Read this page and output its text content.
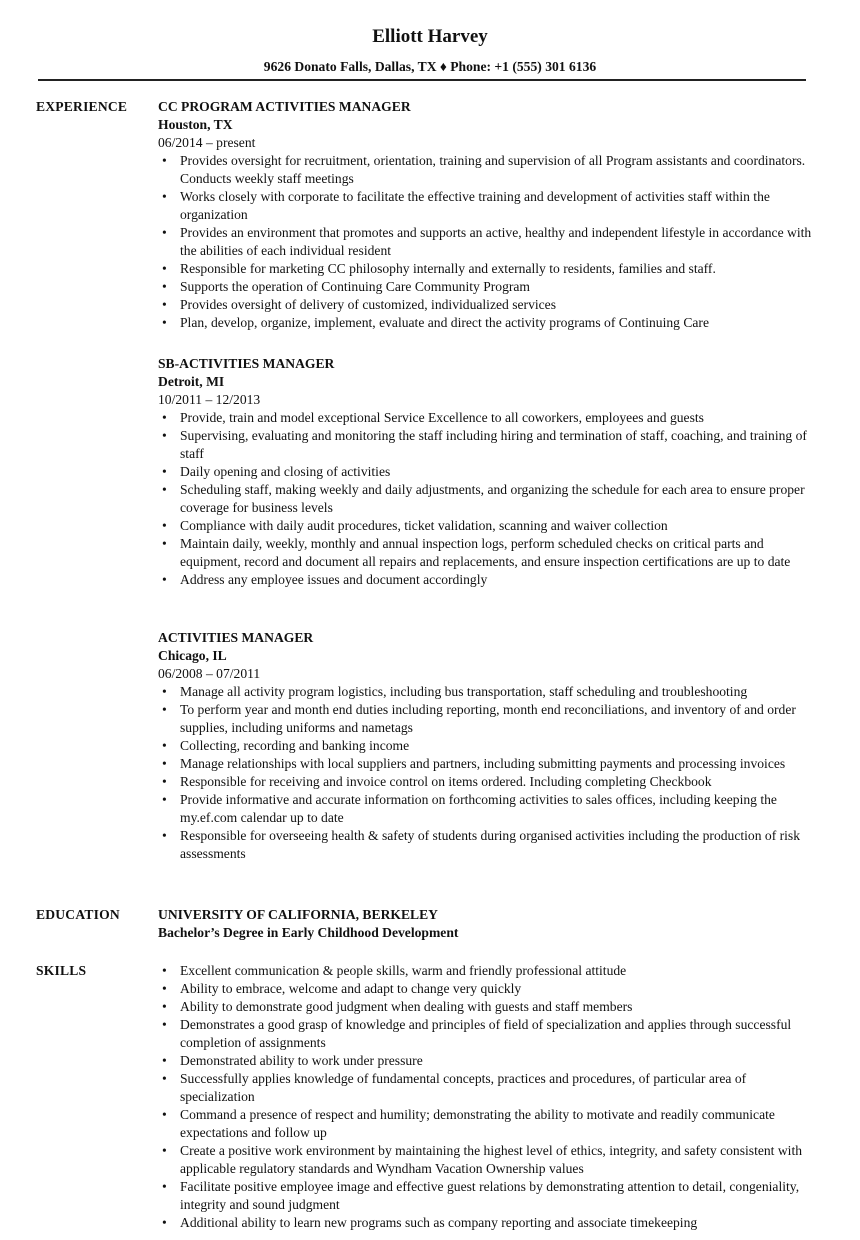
Elliott Harvey
9626 Donato Falls, Dallas, TX ♦ Phone: +1 (555) 301 6136
EXPERIENCE CC PROGRAM ACTIVITIES MANAGER
Houston, TX
06/2014 – present
• Provides oversight for recruitment, orientation, training and supervision of all Program assistants and coordinators. Conducts weekly staff meetings
• Works closely with corporate to facilitate the effective training and development of activities staff within the organization
• Provides an environment that promotes and supports an active, healthy and independent lifestyle in accordance with the abilities of each individual resident
• Responsible for marketing CC philosophy internally and externally to residents, families and staff.
• Supports the operation of Continuing Care Community Program
• Provides oversight of delivery of customized, individualized services
• Plan, develop, organize, implement, evaluate and direct the activity programs of Continuing Care
SB-ACTIVITIES MANAGER
Detroit, MI
10/2011 – 12/2013
• Provide, train and model exceptional Service Excellence to all coworkers, employees and guests
• Supervising, evaluating and monitoring the staff including hiring and termination of staff, coaching, and training of staff
• Daily opening and closing of activities
• Scheduling staff, making weekly and daily adjustments, and organizing the schedule for each area to ensure proper coverage for business levels
• Compliance with daily audit procedures, ticket validation, scanning and waiver collection
• Maintain daily, weekly, monthly and annual inspection logs, perform scheduled checks on critical parts and equipment, record and document all repairs and replacements, and ensure inspection certifications are up to date
• Address any employee issues and document accordingly
ACTIVITIES MANAGER
Chicago, IL
06/2008 – 07/2011
• Manage all activity program logistics, including bus transportation, staff scheduling and troubleshooting
• To perform year and month end duties including reporting, month end reconciliations, and inventory of and order supplies, including uniforms and nametags
• Collecting, recording and banking income
• Manage relationships with local suppliers and partners, including submitting payments and processing invoices
• Responsible for receiving and invoice control on items ordered. Including completing Checkbook
• Provide informative and accurate information on forthcoming activities to sales offices, including keeping the my.ef.com calendar up to date
• Responsible for overseeing health & safety of students during organised activities including the production of risk assessments
EDUCATION	UNIVERSITY OF CALIFORNIA, BERKELEY
Bachelor’s Degree in Early Childhood Development
SKILLS
•	Excellent communication & people skills, warm and friendly professional attitude
• Ability to embrace, welcome and adapt to change very quickly
• Ability to demonstrate good judgment when dealing with guests and staff members
• Demonstrates a good grasp of knowledge and principles of field of specialization and applies through successful completion of assignments
• Demonstrated ability to work under pressure
• Successfully applies knowledge of fundamental concepts, practices and procedures, of particular area of specialization
• Command a presence of respect and humility; demonstrating the ability to motivate and readily communicate expectations and follow up
• Create a positive work environment by maintaining the highest level of ethics, integrity, and safety consistent with applicable regulatory standards and Wyndham Vacation Ownership values
• Facilitate positive employee image and effective guest relations by demonstrating attention to detail, congeniality, integrity and sound judgment
• Additional ability to learn new programs such as company reporting and associate timekeeping
